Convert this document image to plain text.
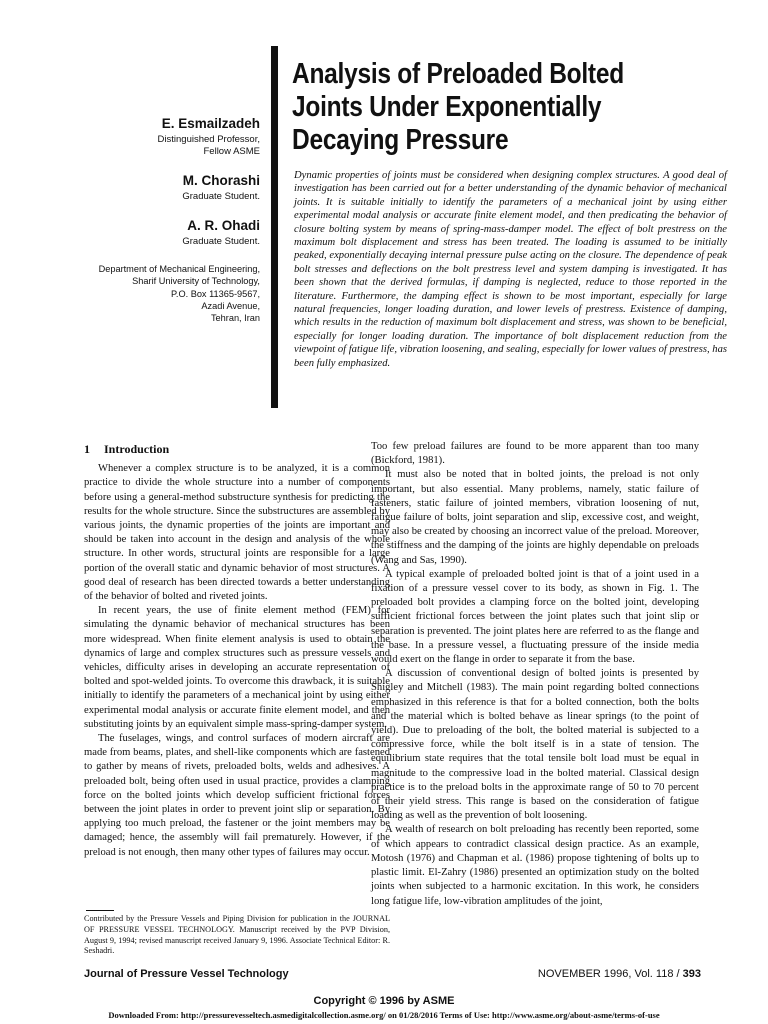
E. Esmailzadeh
Distinguished Professor,
Fellow ASME
M. Chorashi
Graduate Student.
A. R. Ohadi
Graduate Student.
Department of Mechanical Engineering,
Sharif University of Technology,
P.O. Box 11365-9567,
Azadi Avenue,
Tehran, Iran
Analysis of Preloaded Bolted
Joints Under Exponentially
Decaying Pressure
Dynamic properties of joints must be considered when designing complex structures. A good deal of investigation has been carried out for a better understanding of the dynamic behavior of mechanical joints. It is suitable initially to identify the parameters of a mechanical joint by using either experimental modal analysis or accurate finite element model, and then predicating the behavior of closure bolting system by means of spring-mass-damper model. The effect of bolt prestress on the maximum bolt displacement and stress has been treated. The loading is assumed to be initially peaked, exponentially decaying internal pressure pulse acting on the closure. The dependence of peak bolt stresses and deflections on the bolt prestress level and system damping is investigated. It has been shown that the derived formulas, if damping is neglected, reduce to those reported in the literature. Furthermore, the damping effect is shown to be most important, especially for large natural frequencies, longer loading duration, and lower levels of prestress. Existence of damping, which results in the reduction of maximum bolt displacement and stress, was shown to be beneficial, especially for longer loading duration. The importance of bolt displacement reduction from the viewpoint of fatigue life, vibration loosening, and sealing, especially for lower values of prestress, has been fully emphasized.
1 Introduction

Whenever a complex structure is to be analyzed, it is a common practice to divide the whole structure into a number of components before using a general-method substructure synthesis for predicting the results for the whole structure. Since the substructures are assembled by various joints, the dynamic properties of the joints are important and should be taken into account in the design and analysis of the whole structure. In other words, structural joints are responsible for a large portion of the overall static and dynamic behavior of most structures. A good deal of research has been directed towards a better understanding of the behavior of bolted and riveted joints.

In recent years, the use of finite element method (FEM) for simulating the dynamic behavior of mechanical structures has been more widespread. When finite element analysis is used to obtain the dynamics of large and complex structures such as pressure vessels and vehicles, difficulty arises in developing an accurate representation of bolted and spot-welded joints. To overcome this drawback, it is suitable initially to identify the parameters of a mechanical joint by using either experimental modal analysis or accurate finite element model, and then substituting joints by an equivalent simple mass-spring-damper system.

The fuselages, wings, and control surfaces of modern aircraft are made from beams, plates, and shell-like components which are fastened to gather by means of rivets, preloaded bolts, welds and adhesives. A preloaded bolt, being often used in usual practice, provides a clamping force on the bolted joints which develop sufficient frictional forces between the joint plates in order to prevent joint slip or separation. By applying too much preload, the fastener or the joint members may be damaged; hence, the assembly will fail prematurely. However, if the preload is not enough, then many other types of failures may occur.

Too few preload failures are found to be more apparent than too many (Bickford, 1981).

It must also be noted that in bolted joints, the preload is not only important, but also essential. Many problems, namely, static failure of fasteners, static failure of jointed members, vibration loosening of nut, fatigue failure of bolts, joint separation and slip, excessive cost, and weight, may also be created by choosing an incorrect value of the preload. Moreover, the stiffness and the damping of the joints are highly dependable on preloads (Wang and Sas, 1990).

A typical example of preloaded bolted joint is that of a joint used in a fixation of a pressure vessel cover to its body, as shown in Fig. 1. The preloaded bolt provides a clamping force on the bolted joint, developing sufficient frictional forces between the joint plates such that joint slip or separation is prevented. The joint plates here are referred to as the flange and the base. In a pressure vessel, a fluctuating pressure of the inside media would exert on the flange in order to separate it from the base.

A discussion of conventional design of bolted joints is presented by Shigley and Mitchell (1983). The main point regarding bolted connections emphasized in this reference is that for a bolted connection, both the bolts and the material which is bolted behave as linear springs (to the point of yield). Due to preloading of the bolt, the bolted material is subjected to a compressive force, while the bolt itself is in a state of tension. The equilibrium state requires that the total tensile bolt load must be equal in magnitude to the compressive load in the bolted material. Classical design practice is to the preload bolts in the approximate range of 50 to 70 percent of their yield stress. This range is based on the consideration of fatigue loading as well as the prevention of bolt loosening.

A wealth of research on bolt preloading has recently been reported, some of which appears to contradict classical design practice. As an example, Motosh (1976) and Chapman et al. (1986) propose tightening of bolts up to plastic limit. El-Zahry (1986) presented an optimization study on the bolted joints when subjected to a harmonic excitation. In this work, he considers long fatigue life, low-vibration amplitudes of the joint,

Contributed by the Pressure Vessels and Piping Division for publication in the JOURNAL OF PRESSURE VESSEL TECHNOLOGY. Manuscript received by the PVP Division, August 9, 1994; revised manuscript received January 9, 1996. Associate Technical Editor: R. Seshadri.
Journal of Pressure Vessel Technology	NOVEMBER 1996, Vol. 118 / 393
Copyright © 1996 by ASME
Downloaded From: http://pressurevesseltech.asmedigitalcollection.asme.org/ on 01/28/2016 Terms of Use: http://www.asme.org/about-asme/terms-of-use
